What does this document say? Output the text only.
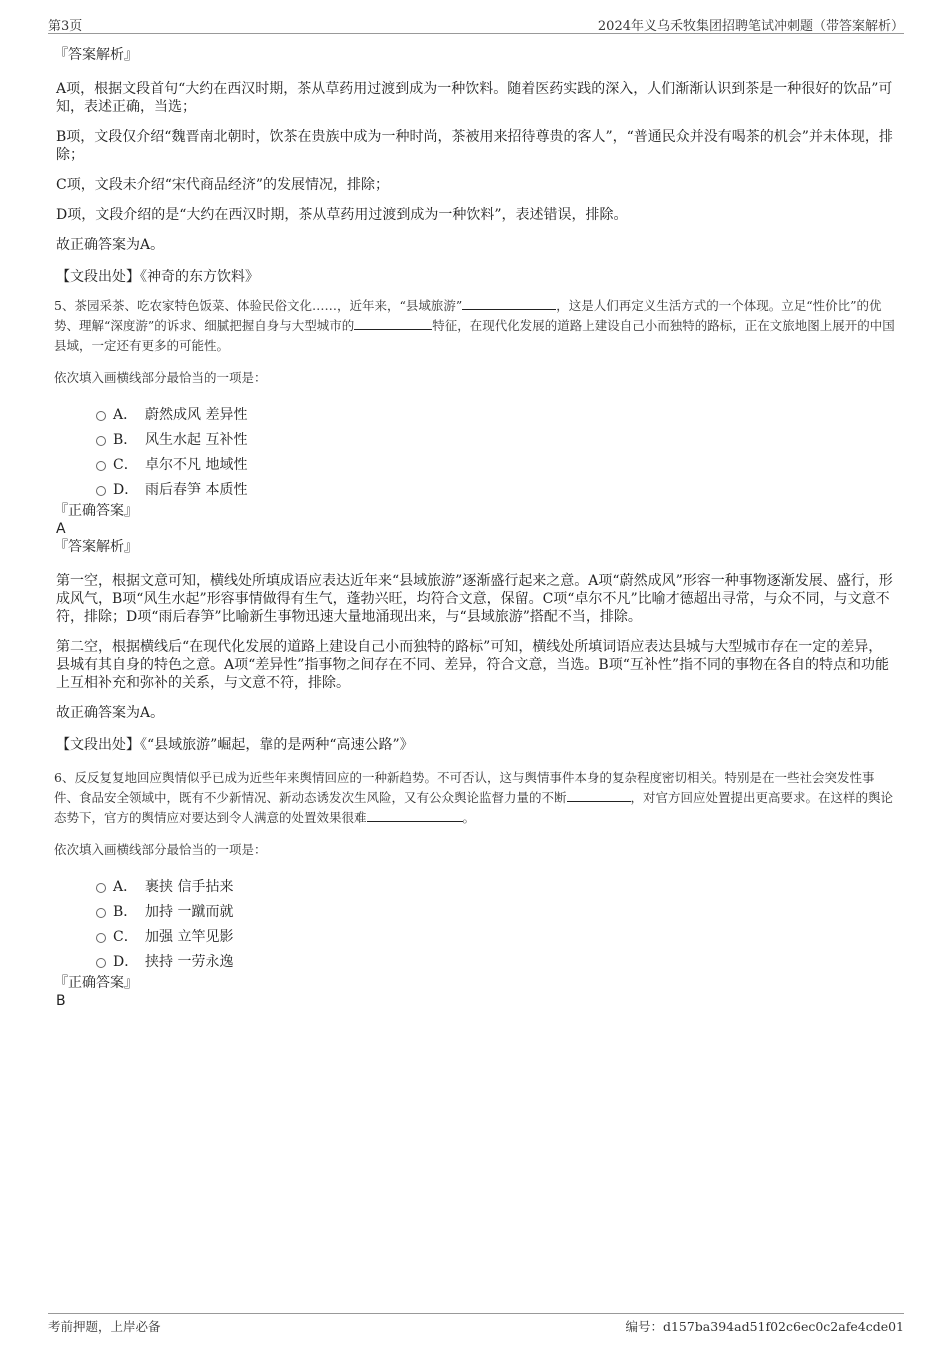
第3页	2024年义乌禾牧集团招聘笔试冲刺题（带答案解析）

『答案解析』

A项，根据文段首句“大约在西汉时期，茶从草药用过渡到成为一种饮料。随着医药实践的深入，人们渐渐认识到茶是一种很好的饮品”可知，表述正确，当选；

B项，文段仅介绍“魏晋南北朝时，饮茶在贵族中成为一种时尚，茶被用来招待尊贵的客人”，“普通民众并没有喝茶的机会”并未体现，排除；

C项，文段未介绍“宋代商品经济”的发展情况，排除；

D项，文段介绍的是“大约在西汉时期，茶从草药用过渡到成为一种饮料”，表述错误，排除。

故正确答案为A。

【文段出处】《神奇的东方饮料》

5、茶园采茶、吃农家特色饭菜、体验民俗文化……，近年来，“县域旅游”	，这是人们再定义生活方式的一个体现。立足“性价比”的优势、理解“深度游”的诉求、细腻把握自身与大型城市的	特征，在现代化发展的道路上建设自己小而独特的路标，正在文旅地图上展开的中国县域，一定还有更多的可能性。

依次填入画横线部分最恰当的一项是：

A． 蔚然成风 差异性
B． 风生水起 互补性
C． 卓尔不凡 地域性
D． 雨后春笋 本质性

『正确答案』

A

『答案解析』

第一空，根据文意可知，横线处所填成语应表达近年来“县域旅游”逐渐盛行起来之意。A项“蔚然成风”形容一种事物逐渐发展、盛行，形成风气，B项“风生水起”形容事情做得有生气，蓬勃兴旺，均符合文意，保留。C项“卓尔不凡”比喻才德超出寻常，与众不同，与文意不符，排除；D项“雨后春笋”比喻新生事物迅速大量地涌现出来，与“县域旅游”搭配不当，排除。

第二空，根据横线后“在现代化发展的道路上建设自己小而独特的路标”可知，横线处所填词语应表达县城与大型城市存在一定的差异，县城有其自身的特色之意。A项“差异性”指事物之间存在不同、差异，符合文意，当选。B项“互补性”指不同的事物在各自的特点和功能上互相补充和弥补的关系，与文意不符，排除。

故正确答案为A。

【文段出处】《“县域旅游”崛起，靠的是两种“高速公路”》

6、反反复复地回应舆情似乎已成为近些年来舆情回应的一种新趋势。不可否认，这与舆情事件本身的复杂程度密切相关。特别是在一些社会突发性事件、食品安全领域中，既有不少新情况、新动态诱发次生风险，又有公众舆论监督力量的不断	，对官方回应处置提出更高要求。在这样的舆论态势下，官方的舆情应对要达到令人满意的处置效果很难	。

依次填入画横线部分最恰当的一项是：

A． 裹挟 信手拈来
B． 加持 一蹴而就
C． 加强 立竿见影
D． 挟持 一劳永逸

『正确答案』

B

考前押题，上岸必备	编号：d157ba394ad51f02c6ec0c2afe4cde01
